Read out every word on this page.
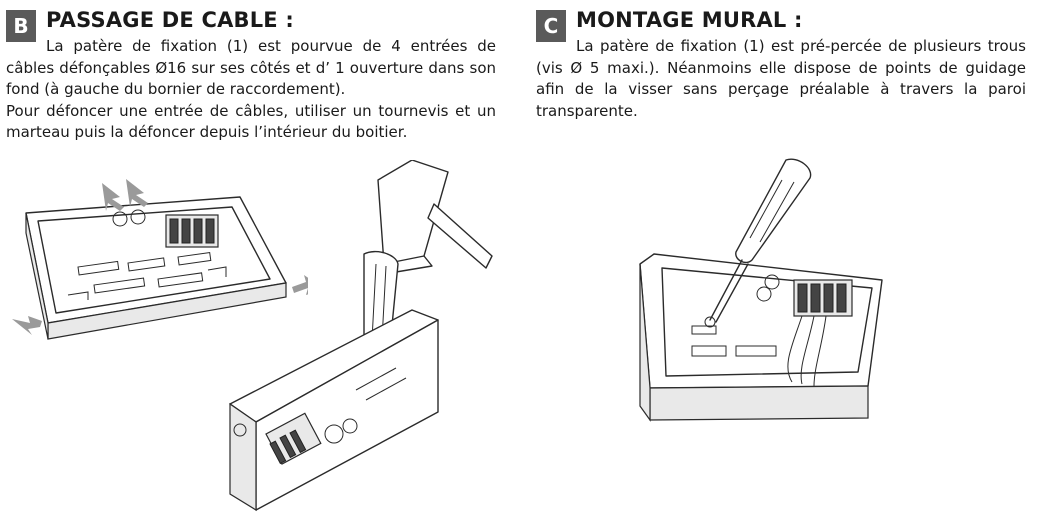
B PASSAGE DE CABLE :

La patère de fixation (1) est pourvue de 4 entrées de câbles défonçables Ø16 sur ses côtés et d’ 1 ouverture dans son fond (à gauche du bornier de raccordement).

Pour défoncer une entrée de câbles, utiliser un tournevis et un marteau puis la défoncer depuis l’intérieur du boitier.

C MONTAGE MURAL :

La patère de fixation (1) est pré-percée de plusieurs trous (vis Ø 5 maxi.). Néanmoins elle dispose de points de guidage afin de la visser sans perçage préalable à travers la paroi transparente.
